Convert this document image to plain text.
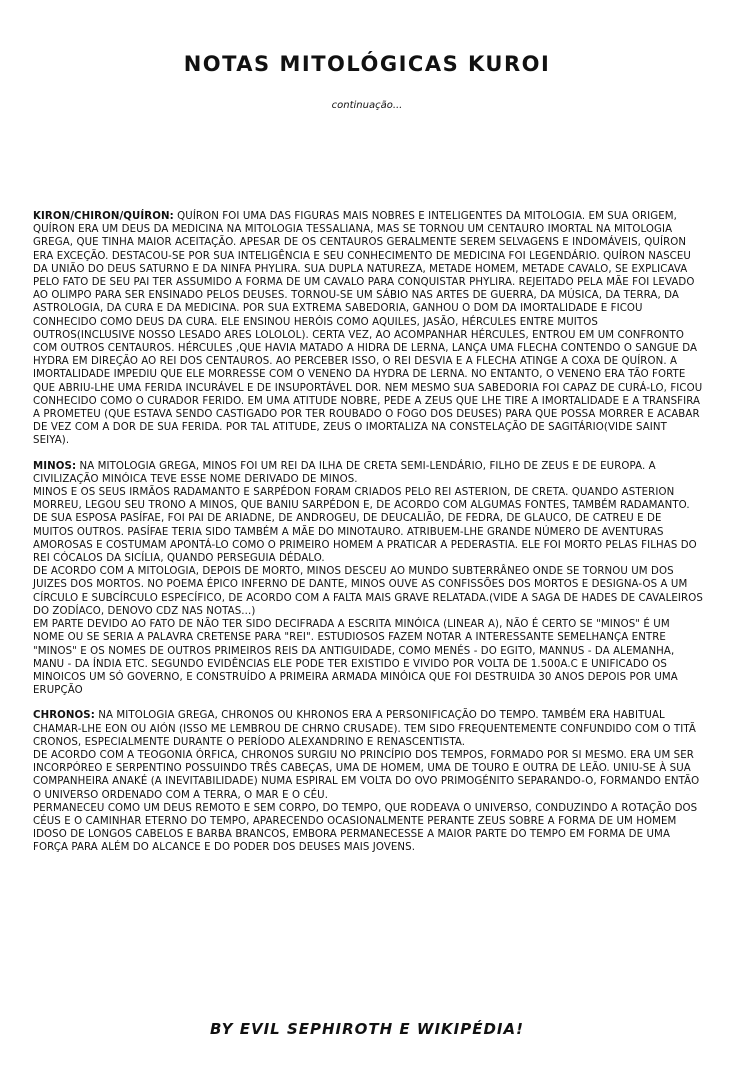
NOTAS MITOLÓGICAS KUROI
continuação...

KIRON/CHIRON/QUÍRON: QUÍRON FOI UMA DAS FIGURAS MAIS NOBRES E INTELIGENTES DA MITOLOGIA. EM SUA ORIGEM, QUÍRON ERA UM DEUS DA MEDICINA NA MITOLOGIA TESSALIANA, MAS SE TORNOU UM CENTAURO IMORTAL NA MITOLOGIA GREGA, QUE TINHA MAIOR ACEITAÇÃO. APESAR DE OS CENTAUROS GERALMENTE SEREM SELVAGENS E INDOMÁVEIS, QUÍRON ERA EXCEÇÃO. DESTACOU-SE POR SUA INTELIGÊNCIA E SEU CONHECIMENTO DE MEDICINA FOI LEGENDÁRIO. QUÍRON NASCEU DA UNIÃO DO DEUS SATURNO E DA NINFA PHYLIRA. SUA DUPLA NATUREZA, METADE HOMEM, METADE CAVALO, SE EXPLICAVA PELO FATO DE SEU PAI TER ASSUMIDO A FORMA DE UM CAVALO PARA CONQUISTAR PHYLIRA. REJEITADO PELA MÃE FOI LEVADO AO OLIMPO PARA SER ENSINADO PELOS DEUSES. TORNOU-SE UM SÁBIO NAS ARTES DE GUERRA, DA MÚSICA, DA TERRA, DA ASTROLOGIA, DA CURA E DA MEDICINA. POR SUA EXTREMA SABEDORIA, GANHOU O DOM DA IMORTALIDADE E FICOU CONHECIDO COMO DEUS DA CURA. ELE ENSINOU HERÓIS COMO AQUILES, JASÃO, HÉRCULES ENTRE MUITOS OUTROS(INCLUSIVE NOSSO LESADO ARES LOLOLOL). CERTA VEZ, AO ACOMPANHAR HÉRCULES, ENTROU EM UM CONFRONTO COM OUTROS CENTAUROS. HÉRCULES ,QUE HAVIA MATADO A HIDRA DE LERNA, LANÇA UMA FLECHA CONTENDO O SANGUE DA HYDRA EM DIREÇÃO AO REI DOS CENTAUROS. AO PERCEBER ISSO, O REI DESVIA E A FLECHA ATINGE A COXA DE QUÍRON. A IMORTALIDADE IMPEDIU QUE ELE MORRESSE COM O VENENO DA HYDRA DE LERNA. NO ENTANTO, O VENENO ERA TÃO FORTE QUE ABRIU-LHE UMA FERIDA INCURÁVEL E DE INSUPORTÁVEL DOR. NEM MESMO SUA SABEDORIA FOI CAPAZ DE CURÁ-LO, FICOU CONHECIDO COMO O CURADOR FERIDO. EM UMA ATITUDE NOBRE, PEDE A ZEUS QUE LHE TIRE A IMORTALIDADE E A TRANSFIRA A PROMETEU (QUE ESTAVA SENDO CASTIGADO POR TER ROUBADO O FOGO DOS DEUSES) PARA QUE POSSA MORRER E ACABAR DE VEZ COM A DOR DE SUA FERIDA. POR TAL ATITUDE, ZEUS O IMORTALIZA NA CONSTELAÇÃO DE SAGITÁRIO(VIDE SAINT SEIYA).

MINOS: NA MITOLOGIA GREGA, MINOS FOI UM REI DA ILHA DE CRETA SEMI-LENDÁRIO, FILHO DE ZEUS E DE EUROPA. A CIVILIZAÇÃO MINÓICA TEVE ESSE NOME DERIVADO DE MINOS.

MINOS E OS SEUS IRMÃOS RADAMANTO E SARPÉDON FORAM CRIADOS PELO REI ASTERION, DE CRETA. QUANDO ASTERION MORREU, LEGOU SEU TRONO A MINOS, QUE BANIU SARPÉDON E, DE ACORDO COM ALGUMAS FONTES, TAMBÉM RADAMANTO. DE SUA ESPOSA PASÍFAE, FOI PAI DE ARIADNE, DE ANDROGEU, DE DEUCALIÃO, DE FEDRA, DE GLAUCO, DE CATREU E DE MUITOS OUTROS. PASÍFAE TERIA SIDO TAMBÉM A MÃE DO MINOTAURO. ATRIBUEM-LHE GRANDE NÚMERO DE AVENTURAS AMOROSAS E COSTUMAM APONTÁ-LO COMO O PRIMEIRO HOMEM A PRATICAR A PEDERASTIA. ELE FOI MORTO PELAS FILHAS DO REI CÓCALOS DA SICÍLIA, QUANDO PERSEGUIA DÉDALO.

DE ACORDO COM A MITOLOGIA, DEPOIS DE MORTO, MINOS DESCEU AO MUNDO SUBTERRÂNEO ONDE SE TORNOU UM DOS JUIZES DOS MORTOS. NO POEMA ÉPICO INFERNO DE DANTE, MINOS OUVE AS CONFISSÕES DOS MORTOS E DESIGNA-OS A UM CÍRCULO E SUBCÍRCULO ESPECÍFICO, DE ACORDO COM A FALTA MAIS GRAVE RELATADA.(VIDE A SAGA DE HADES DE CAVALEIROS DO ZODÍACO, DENOVO CDZ NAS NOTAS...)

EM PARTE DEVIDO AO FATO DE NÃO TER SIDO DECIFRADA A ESCRITA MINÓICA (LINEAR A), NÃO É CERTO SE "MINOS" É UM NOME OU SE SERIA A PALAVRA CRETENSE PARA "REI". ESTUDIOSOS FAZEM NOTAR A INTERESSANTE SEMELHANÇA ENTRE "MINOS" E OS NOMES DE OUTROS PRIMEIROS REIS DA ANTIGUIDADE, COMO MENÉS - DO EGITO, MANNUS - DA ALEMANHA, MANU - DA ÍNDIA ETC. SEGUNDO EVIDÊNCIAS ELE PODE TER EXISTIDO E VIVIDO POR VOLTA DE 1.500A.C E UNIFICADO OS MINOICOS UM SÓ GOVERNO, E CONSTRUÍDO A PRIMEIRA ARMADA MINÓICA QUE FOI DESTRUIDA 30 ANOS DEPOIS POR UMA ERUPÇÃO

CHRONOS: NA MITOLOGIA GREGA, CHRONOS OU KHRONOS ERA A PERSONIFICAÇÃO DO TEMPO. TAMBÉM ERA HABITUAL CHAMAR-LHE EON OU AIÓN (ISSO ME LEMBROU DE CHRNO CRUSADE). TEM SIDO FREQUENTEMENTE CONFUNDIDO COM O TITÃ CRONOS, ESPECIALMENTE DURANTE O PERÍODO ALEXANDRINO E RENASCENTISTA.

DE ACORDO COM A TEOGONIA ÓRFICA, CHRONOS SURGIU NO PRINCÍPIO DOS TEMPOS, FORMADO POR SI MESMO. ERA UM SER INCORPÓREO E SERPENTINO POSSUINDO TRÊS CABEÇAS, UMA DE HOMEM, UMA DE TOURO E OUTRA DE LEÃO. UNIU-SE À SUA COMPANHEIRA ANAKÉ (A INEVITABILIDADE) NUMA ESPIRAL EM VOLTA DO OVO PRIMOGÉNITO SEPARANDO-O, FORMANDO ENTÃO O UNIVERSO ORDENADO COM A TERRA, O MAR E O CÉU.

PERMANECEU COMO UM DEUS REMOTO E SEM CORPO, DO TEMPO, QUE RODEAVA O UNIVERSO, CONDUZINDO A ROTAÇÃO DOS CÉUS E O CAMINHAR ETERNO DO TEMPO, APARECENDO OCASIONALMENTE PERANTE ZEUS SOBRE A FORMA DE UM HOMEM IDOSO DE LONGOS CABELOS E BARBA BRANCOS, EMBORA PERMANECESSE A MAIOR PARTE DO TEMPO EM FORMA DE UMA FORÇA PARA ALÉM DO ALCANCE E DO PODER DOS DEUSES MAIS JOVENS.

BY EVIL SEPHIROTH E WIKIPÉDIA!
